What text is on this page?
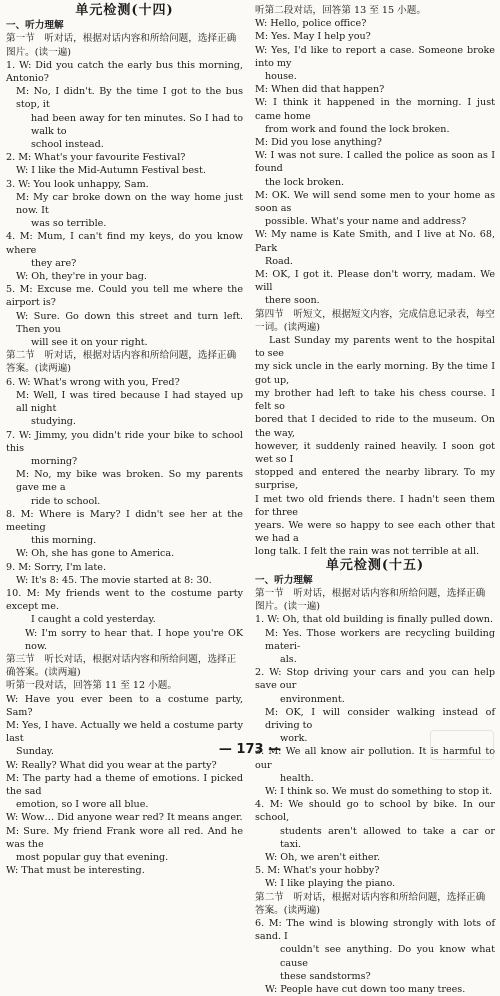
单元检测(十四)

一、听力理解

第一节　听对话，根据对话内容和所给问题，选择正确

图片。(读一遍)

1. W: Did you catch the early bus this morning, Antonio?

M: No, I didn't. By the time I got to the bus stop, it

had been away for ten minutes. So I had to walk to

school instead.

2. M: What's your favourite Festival?

W: I like the Mid-Autumn Festival best.

3. W: You look unhappy, Sam.

M: My car broke down on the way home just now. It

was so terrible.

4. M: Mum, I can't find my keys, do you know where

they are?

W: Oh, they're in your bag.

5. M: Excuse me. Could you tell me where the airport is?

W: Sure. Go down this street and turn left. Then you

will see it on your right.

第二节　听对话，根据对话内容和所给问题，选择正确

答案。(读两遍)

6. W: What's wrong with you, Fred?

M: Well, I was tired because I had stayed up all night

studying.

7. W: Jimmy, you didn't ride your bike to school this

morning?

M: No, my bike was broken. So my parents gave me a

ride to school.

8. M: Where is Mary? I didn't see her at the meeting

this morning.

W: Oh, she has gone to America.

9. M: Sorry, I'm late.

W: It's 8: 45. The movie started at 8: 30.

10. M: My friends went to the costume party except me.

I caught a cold yesterday.

W: I'm sorry to hear that. I hope you're OK now.

第三节　听长对话，根据对话内容和所给问题，选择正

确答案。(读两遍)

听第一段对话，回答第 11 至 12 小题。

W: Have you ever been to a costume party, Sam?

M: Yes, I have. Actually we held a costume party last

Sunday.

W: Really? What did you wear at the party?

M: The party had a theme of emotions. I picked the sad

emotion, so I wore all blue.

W: Wow… Did anyone wear red? It means anger.

M: Sure. My friend Frank wore all red. And he was the

most popular guy that evening.

W: That must be interesting.

听第二段对话，回答第 13 至 15 小题。

W: Hello, police office?

M: Yes. May I help you?

W: Yes, I'd like to report a case. Someone broke into my

house.

M: When did that happen?

W: I think it happened in the morning. I just came home

from work and found the lock broken.

M: Did you lose anything?

W: I was not sure. I called the police as soon as I found

the lock broken.

M: OK. We will send some men to your home as soon as

possible. What's your name and address?

W: My name is Kate Smith, and I live at No. 68, Park

Road.

M: OK, I got it. Please don't worry, madam. We will

there soon.

第四节　听短文，根据短文内容，完成信息记录表，每空

一词。(读两遍)

Last Sunday my parents went to the hospital to see

my sick uncle in the early morning. By the time I got up,

my brother had left to take his chess course. I felt so

bored that I decided to ride to the museum. On the way,

however, it suddenly rained heavily. I soon got wet so I

stopped and entered the nearby library. To my surprise,

I met two old friends there. I hadn't seen them for three

years. We were so happy to see each other that we had a

long talk. I felt the rain was not terrible at all.

单元检测(十五)

一、听力理解

第一节　听对话，根据对话内容和所给问题，选择正确

图片。(读一遍)

1. W: Oh, that old building is finally pulled down.

M: Yes. Those workers are recycling building materi-

als.

2. W: Stop driving your cars and you can help save our

environment.

M: OK, I will consider walking instead of driving to

work.

3. M: We all know air pollution. It is harmful to our

health.

W: I think so. We must do something to stop it.

4. M: We should go to school by bike. In our school,

students aren't allowed to take a car or taxi.

W: Oh, we aren't either.

5. M: What's your hobby?

W: I like playing the piano.

第二节　听对话，根据对话内容和所给问题，选择正确

答案。(读两遍)

6. M: The wind is blowing strongly with lots of sand. I

couldn't see anything. Do you know what cause

these sandstorms?

W: People have cut down too many trees.

— 173 —
